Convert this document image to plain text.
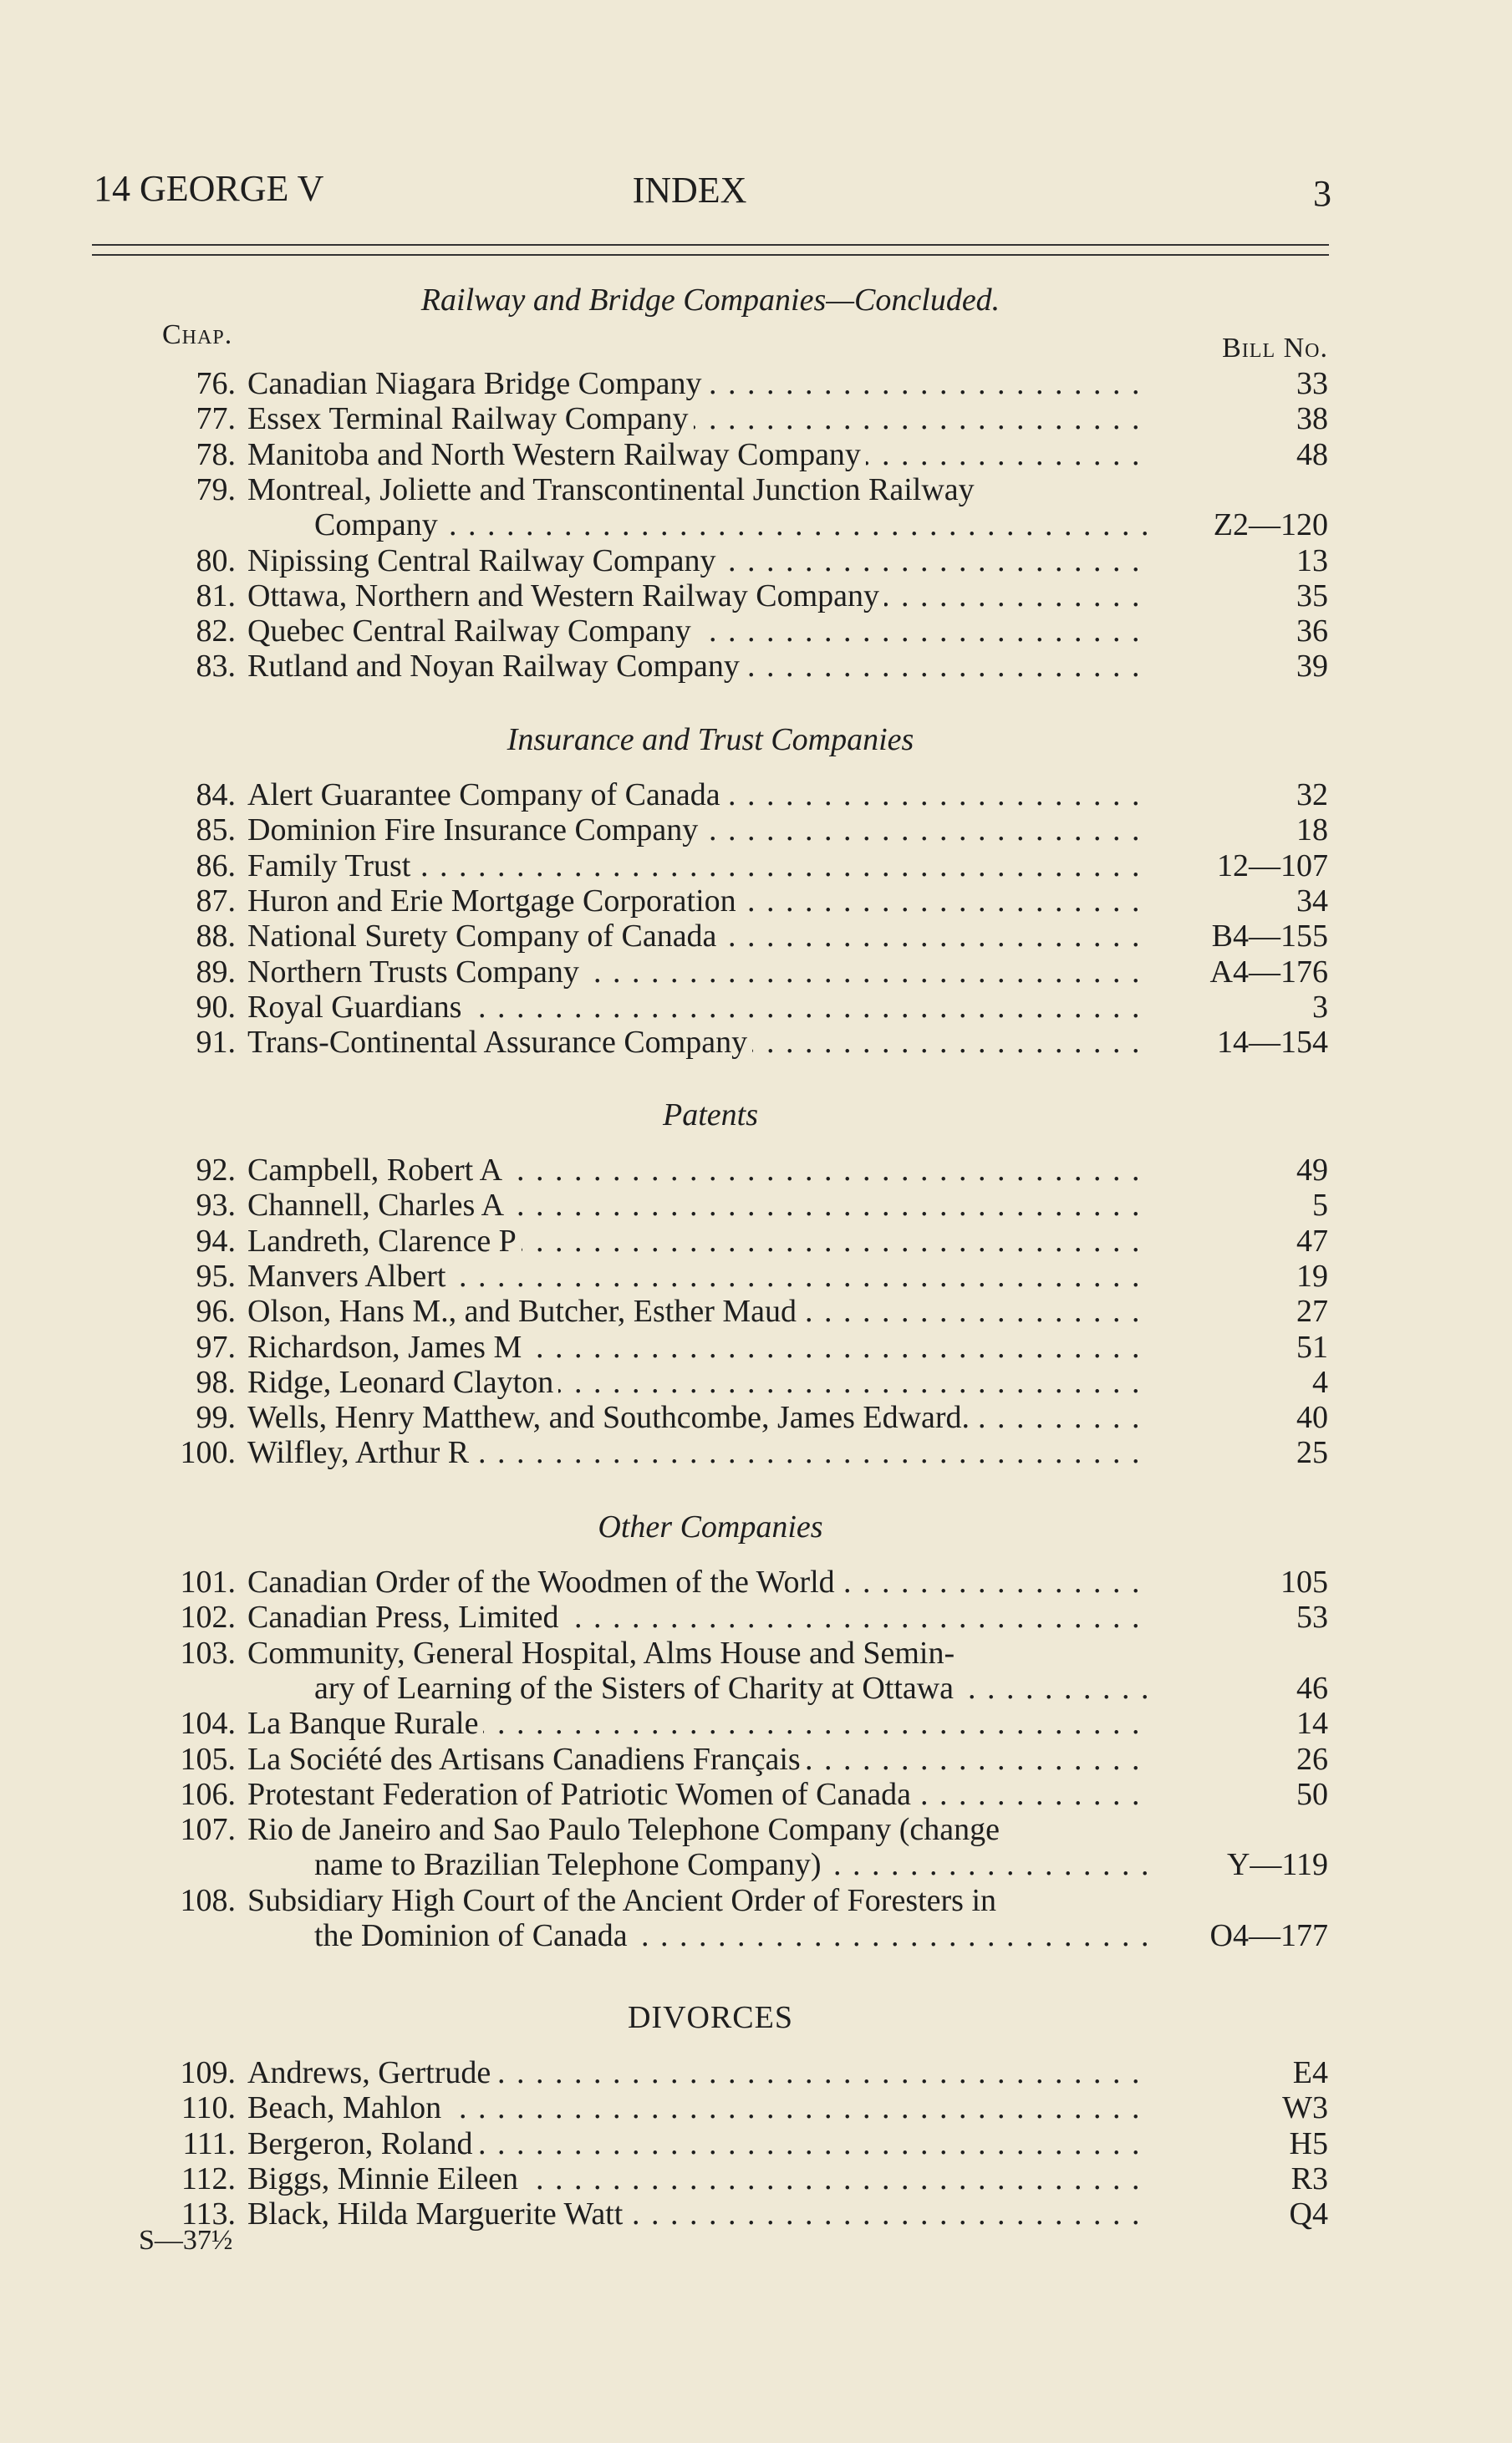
14 GEORGE V	INDEX	3
Railway and Bridge Companies—Concluded.
Chap.	Bill No.
76. Canadian Niagara Bridge Company . . .	33
77. Essex Terminal Railway Company . . .	38
78. Manitoba and North Western Railway Company . . .	48
79. Montreal, Joliette and Transcontinental Junction Railway
Company . . .	Z2—120
80. Nipissing Central Railway Company . . .	13
81. Ottawa, Northern and Western Railway Company . . .	35
82. Quebec Central Railway Company . . .	36
83. Rutland and Noyan Railway Company . . .	39
Insurance and Trust Companies
84. Alert Guarantee Company of Canada . . .	32
85. Dominion Fire Insurance Company . . .	18
86. Family Trust . . .	12—107
87. Huron and Erie Mortgage Corporation . . .	34
88. National Surety Company of Canada . . .	B4—155
89. Northern Trusts Company . . .	A4—176
90. Royal Guardians . . .	3
91. Trans-Continental Assurance Company . . .	14—154
Patents
92. Campbell, Robert A . . .	49
93. Channell, Charles A . . .	5
94. Landreth, Clarence P . . .	47
95. Manvers Albert . . .	19
96. Olson, Hans M., and Butcher, Esther Maud . . .	27
97. Richardson, James M . . .	51
98. Ridge, Leonard Clayton . . .	4
99. Wells, Henry Matthew, and Southcombe, James Edward. . . .	40
100. Wilfley, Arthur R . . .	25
Other Companies
101. Canadian Order of the Woodmen of the World . . .	105
102. Canadian Press, Limited . . .	53
103. Community, General Hospital, Alms House and Semin-
ary of Learning of the Sisters of Charity at Ottawa . . .	46
104. La Banque Rurale . . .	14
105. La Société des Artisans Canadiens Français . . .	26
106. Protestant Federation of Patriotic Women of Canada . . .	50
107. Rio de Janeiro and Sao Paulo Telephone Company (change
name to Brazilian Telephone Company) . . .	Y—119
108. Subsidiary High Court of the Ancient Order of Foresters in
the Dominion of Canada . . .	O4—177
DIVORCES
109. Andrews, Gertrude . . .	E4
110. Beach, Mahlon . . .	W3
111. Bergeron, Roland . . .	H5
112. Biggs, Minnie Eileen . . .	R3
113. Black, Hilda Marguerite Watt . . .	Q4
S—37½
